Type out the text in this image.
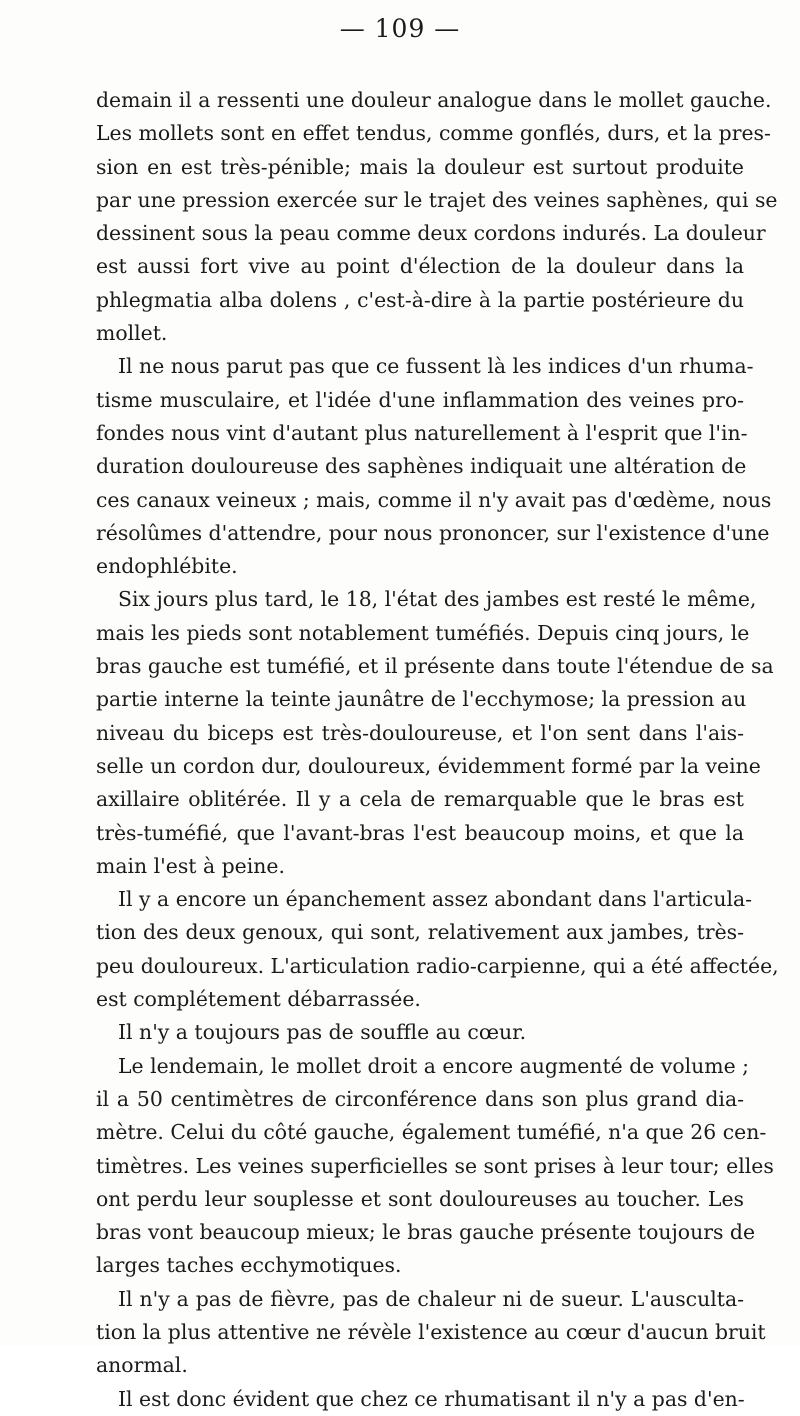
— 109 —
demain il a ressenti une douleur analogue dans le mollet gauche.
Les mollets sont en effet tendus, comme gonflés, durs, et la pres-
sion en est très-pénible; mais la douleur est surtout produite
par une pression exercée sur le trajet des veines saphènes, qui se
dessinent sous la peau comme deux cordons indurés. La douleur
est aussi fort vive au point d'élection de la douleur dans la
phlegmatia alba dolens , c'est-à-dire à la partie postérieure du
mollet.
Il ne nous parut pas que ce fussent là les indices d'un rhuma-
tisme musculaire, et l'idée d'une inflammation des veines pro-
fondes nous vint d'autant plus naturellement à l'esprit que l'in-
duration douloureuse des saphènes indiquait une altération de
ces canaux veineux ; mais, comme il n'y avait pas d'œdème, nous
résolûmes d'attendre, pour nous prononcer, sur l'existence d'une
endophlébite.
Six jours plus tard, le 18, l'état des jambes est resté le même,
mais les pieds sont notablement tuméfiés. Depuis cinq jours, le
bras gauche est tuméfié, et il présente dans toute l'étendue de sa
partie interne la teinte jaunâtre de l'ecchymose; la pression au
niveau du biceps est très-douloureuse, et l'on sent dans l'ais-
selle un cordon dur, douloureux, évidemment formé par la veine
axillaire oblitérée. Il y a cela de remarquable que le bras est
très-tuméfié, que l'avant-bras l'est beaucoup moins, et que la
main l'est à peine.
Il y a encore un épanchement assez abondant dans l'articula-
tion des deux genoux, qui sont, relativement aux jambes, très-
peu douloureux. L'articulation radio-carpienne, qui a été affectée,
est complétement débarrassée.
Il n'y a toujours pas de souffle au cœur.
Le lendemain, le mollet droit a encore augmenté de volume ;
il a 50 centimètres de circonférence dans son plus grand dia-
mètre. Celui du côté gauche, également tuméfié, n'a que 26 cen-
timètres. Les veines superficielles se sont prises à leur tour; elles
ont perdu leur souplesse et sont douloureuses au toucher. Les
bras vont beaucoup mieux; le bras gauche présente toujours de
larges taches ecchymotiques.
Il n'y a pas de fièvre, pas de chaleur ni de sueur. L'ausculta-
tion la plus attentive ne révèle l'existence au cœur d'aucun bruit
anormal.
Il est donc évident que chez ce rhumatisant il n'y a pas d'en-
